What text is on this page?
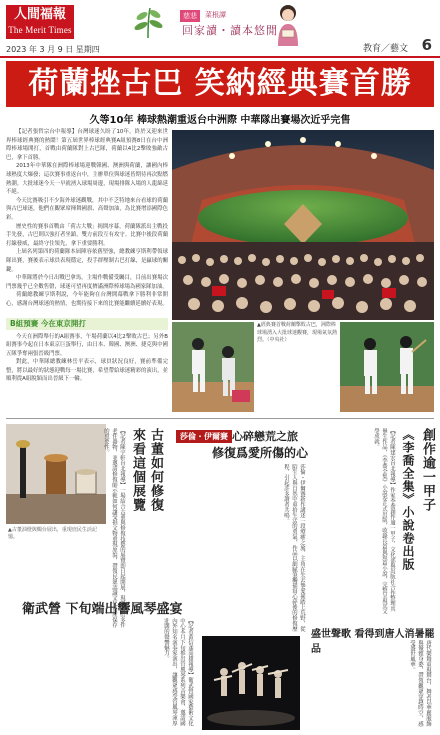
人間福報
The Merit Times
2023 年 3 月 9 日 星期四
慈悲	菜根譚
回家讀・讀本悠閒
教育／藝文 6
荷蘭挫古巴 笑納經典賽首勝
久等10年 棒球熱潮重返台中洲際 中華隊出賽場次近乎完售

【記者張哲宗台中報導】台灣球迷久盼了10年，終於又迎來世界棒球經典賽的熱鬧！第五屆世界棒球經典賽A組預賽8日在台中洲際棒球場開打，首戰由荷蘭隊對上古巴隊，荷蘭以4比2擊敗強敵古巴，拿下首勝。

2013年中華隊在洲際棒球場迎戰韓國、澳洲與荷蘭，讓國內棒球熱度大爆發；這次賽事重返台中，主辦單位與球迷皆期待再次點燃熱潮。大批球迷今天一早就湧入球場周邊，現場排隊入場的人龍綿延不絕。

今天比賽吸引不少海外球迷觀戰，其中不乏特地來台看球的荷蘭與古巴球迷，他們在觀眾席揮舞國旗、高聲加油，為比賽增添國際色彩。

歷史性的賽事首戰由「荷古大戰」揭開序幕，荷蘭隊派出主戰投手先發，古巴則以強打者坐鎮，雙方前段互有攻守。比賽中後段荷蘭打線發威，最終守住領先，拿下重要勝利。

上屆名列第四的荷蘭隊本屆陣容依舊堅強，總教練亨斯利帶領球隊出賽，賽後表示球員表現穩定，投手群壓制古巴打線，是贏球的關鍵。

中華隊將於今日出戰巴拿馬，主場作戰備受矚目，目前出賽場次門票幾乎已全數售罄，球迷可望再度擠滿洲際棒球場為國家隊加油。

荷蘭總教練亨斯利說，今年能夠在台灣開幕戰拿下勝利非常開心，感謝台灣球迷的熱情，也期待接下來的比賽能繼續延續好表現。

B組預賽 今在東京開打

今天在洲際舉行的A組賽事，午場荷蘭以4比2擊敗古巴；另外B組賽事今起在日本東京巨蛋舉行，由日本、韓國、澳洲、捷克與中國五隊爭奪兩張晉級門票。

對此，中華隊總教練林岳平表示，球員狀況良好，賽前準備完整，將以最好的狀態迎戰每一場比賽，希望帶給球迷精彩的演出，並順利從A組脫穎而出晉級下一輪。

▲經典賽首戰荷蘭擊敗古巴，洲際棒球場湧入大批球迷觀賽，現場氣氛熱烈。（中央社）
▲古董油燈與燭台展出，重現庶民生活記憶。
古董如何修復
來看這個展覽
【記者陳宇軒台北報導】一場結合古董與修復技藝的展覽即日起開展，現場展出多件老件器物，並邀請修復師示範如何讓受損文物重現原貌，帶領民眾認識文化資產保存的重要性。
衛武營 下旬端出響風琴盛宴
【記者黃信彥高雄報導】衛武營國家藝術文化中心本月下旬推出管風琴系列音樂會，邀請國內外知名演奏家演出，讓觀眾感受管風琴渾厚壯闊的聲響魅力。
莎倫・伊爾賽 心碎戀荒之旅
修復爲愛所傷的心
莎倫・伊爾賽新作講述一段療癒之旅，主角在失去摯愛後踏上荒野，從陌生人與自然中重拾生活的勇氣，作品以細膩筆觸描寫心碎後的修復歷程，引起許多讀者共鳴。
盛世聲歌 看得到唐人消暑罷品	唐代樂舞重現舞台，舞者以華麗服飾與優雅身姿，帶領觀眾穿越時空，感受盛世風華。
創作逾一甲子
《李喬全集》小說卷出版
【記者陳建宏台北報導】作家李喬創作逾一甲子，文化部與出版社合作整理其畢生作品，《李喬全集》小說卷正式出版，收錄長篇與短篇小說，完整呈現其文學成就。
